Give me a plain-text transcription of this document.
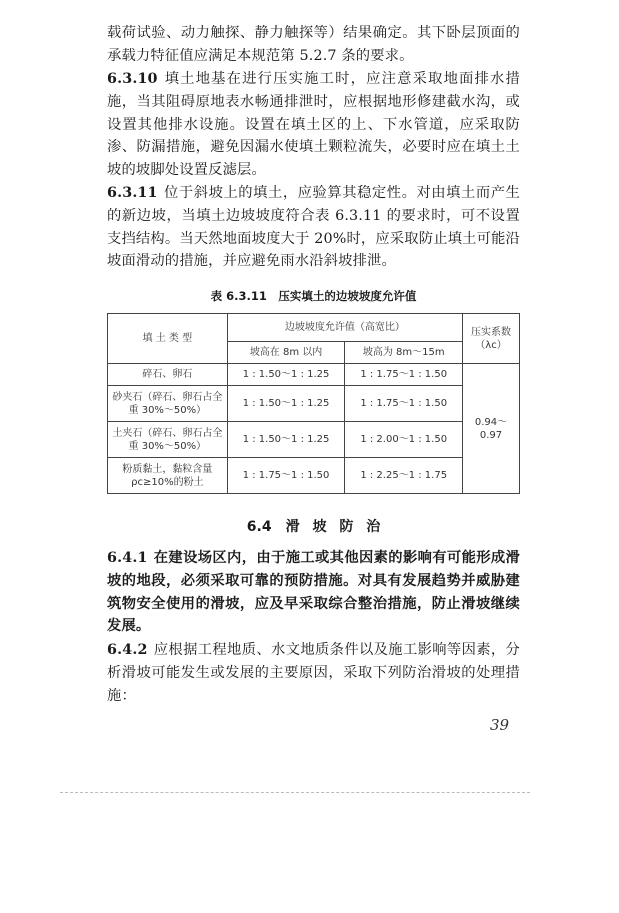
载荷试验、动力触探、静力触探等）结果确定。其下卧层顶面的承载力特征值应满足本规范第 5.2.7 条的要求。

6.3.10 填土地基在进行压实施工时，应注意采取地面排水措施，当其阻碍原地表水畅通排泄时，应根据地形修建截水沟，或设置其他排水设施。设置在填土区的上、下水管道，应采取防渗、防漏措施，避免因漏水使填土颗粒流失，必要时应在填土土坡的坡脚处设置反滤层。

6.3.11 位于斜坡上的填土，应验算其稳定性。对由填土而产生的新边坡，当填土边坡坡度符合表 6.3.11 的要求时，可不设置支挡结构。当天然地面坡度大于 20%时，应采取防止填土可能沿坡面滑动的措施，并应避免雨水沿斜坡排泄。

表 6.3.11　压实填土的边坡坡度允许值
填 土 类 型	边坡坡度允许值（高宽比）		压实系数
（λc）

	坡高在 8m 以内	坡高为 8m～15m	
碎石、卵石	1 : 1.50～1 : 1.25	1 : 1.75～1 : 1.50	0.94～0.97
砂夹石（碎石、卵石占全重 30%～50%）	1 : 1.50～1 : 1.25	1 : 1.75～1 : 1.50	
土夹石（碎石、卵石占全重 30%～50%）	1 : 1.50～1 : 1.25	1 : 2.00～1 : 1.50	
粉质黏土，黏粒含量 ρc≥10%的粉土	1 : 1.75～1 : 1.50	1 : 2.25～1 : 1.75	
6.4　滑 坡 防 治

6.4.1 在建设场区内，由于施工或其他因素的影响有可能形成滑坡的地段，必须采取可靠的预防措施。对具有发展趋势并威胁建筑物安全使用的滑坡，应及早采取综合整治措施，防止滑坡继续发展。

6.4.2 应根据工程地质、水文地质条件以及施工影响等因素，分析滑坡可能发生或发展的主要原因，采取下列防治滑坡的处理措施：

39
